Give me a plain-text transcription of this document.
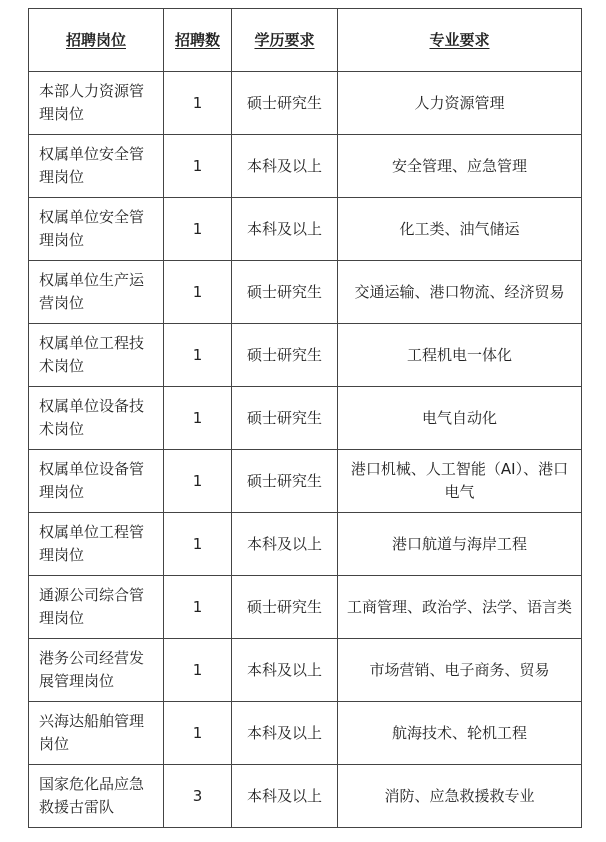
招聘岗位	招聘数	学历要求	专业要求
本部人力资源管理岗位	1	硕士研究生	人力资源管理
权属单位安全管理岗位	1	本科及以上	安全管理、应急管理
权属单位安全管理岗位	1	本科及以上	化工类、油气储运
权属单位生产运营岗位	1	硕士研究生	交通运输、港口物流、经济贸易
权属单位工程技术岗位	1	硕士研究生	工程机电一体化
权属单位设备技术岗位	1	硕士研究生	电气自动化
权属单位设备管理岗位	1	硕士研究生	港口机械、人工智能（AI）、港口电气
权属单位工程管理岗位	1	本科及以上	港口航道与海岸工程
通源公司综合管理岗位	1	硕士研究生	工商管理、政治学、法学、语言类
港务公司经营发展管理岗位	1	本科及以上	市场营销、电子商务、贸易
兴海达船舶管理岗位	1	本科及以上	航海技术、轮机工程
国家危化品应急救援古雷队	3	本科及以上	消防、应急救援救专业
